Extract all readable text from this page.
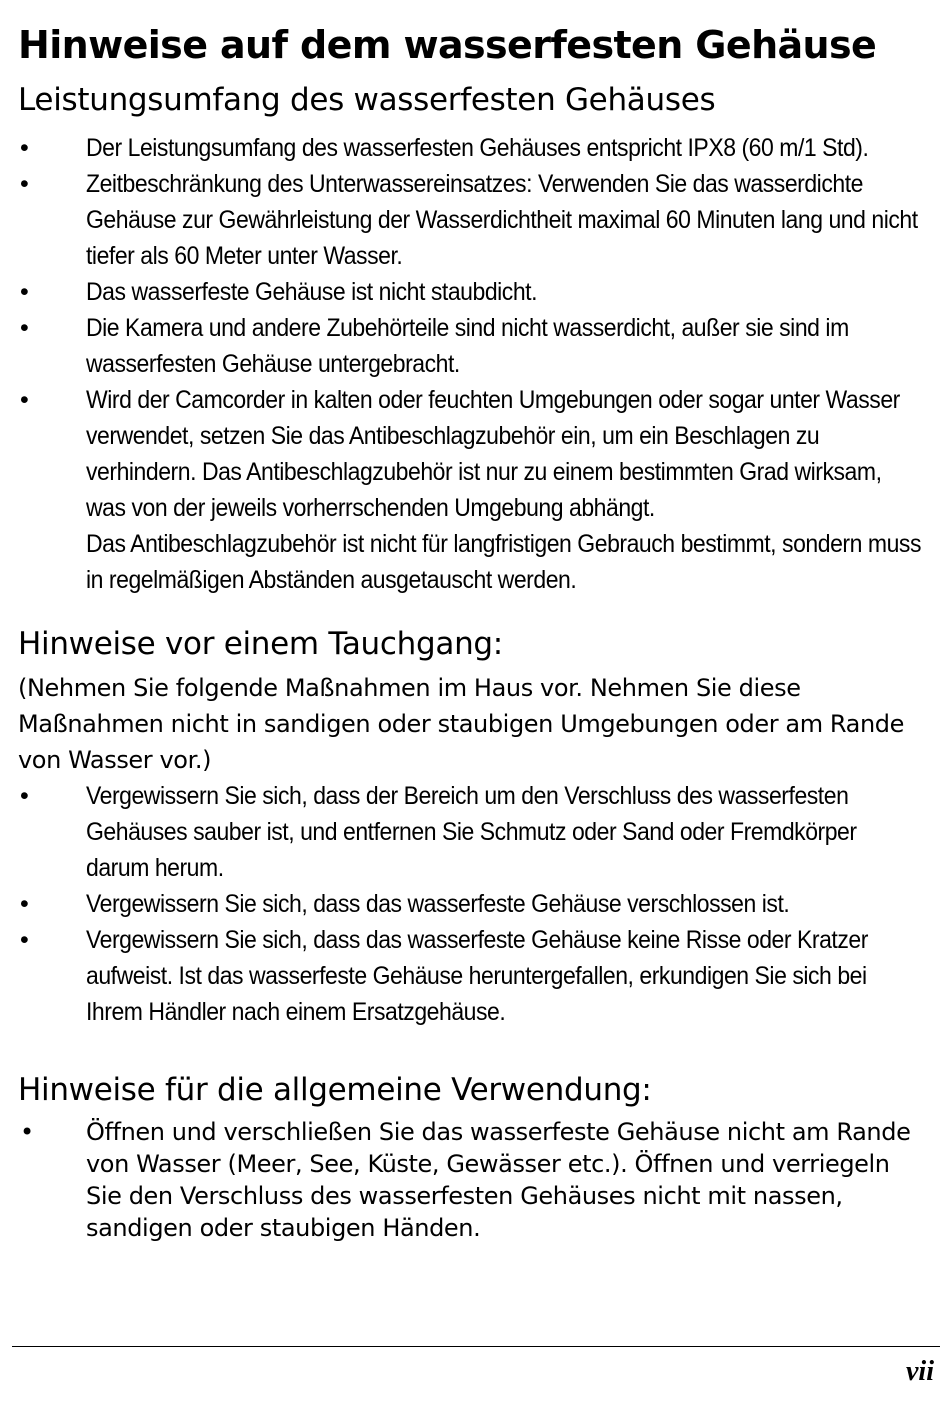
Hinweise auf dem wasserfesten Gehäuse
Leistungsumfang des wasserfesten Gehäuses
•	Der Leistungsumfang des wasserfesten Gehäuses entspricht IPX8 (60 m/1 Std).
•	Zeitbeschränkung des Unterwassereinsatzes: Verwenden Sie das wasserdichte Gehäuse zur Gewährleistung der Wasserdichtheit maximal 60 Minuten lang und nicht tiefer als 60 Meter unter Wasser.
•	Das wasserfeste Gehäuse ist nicht staubdicht.
•	Die Kamera und andere Zubehörteile sind nicht wasserdicht, außer sie sind im wasserfesten Gehäuse untergebracht.
•	Wird der Camcorder in kalten oder feuchten Umgebungen oder sogar unter Wasser verwendet, setzen Sie das Antibeschlagzubehör ein, um ein Beschlagen zu verhindern. Das Antibeschlagzubehör ist nur zu einem bestimmten Grad wirksam, was von der jeweils vorherrschenden Umgebung abhängt.
Das Antibeschlagzubehör ist nicht für langfristigen Gebrauch bestimmt, sondern muss in regelmäßigen Abständen ausgetauscht werden.
Hinweise vor einem Tauchgang:

(Nehmen Sie folgende Maßnahmen im Haus vor. Nehmen Sie diese Maßnahmen nicht in sandigen oder staubigen Umgebungen oder am Rande von Wasser vor.)

•	Vergewissern Sie sich, dass der Bereich um den Verschluss des wasserfesten Gehäuses sauber ist, und entfernen Sie Schmutz oder Sand oder Fremdkörper darum herum.
•	Vergewissern Sie sich, dass das wasserfeste Gehäuse verschlossen ist.
•	Vergewissern Sie sich, dass das wasserfeste Gehäuse keine Risse oder Kratzer aufweist. Ist das wasserfeste Gehäuse heruntergefallen, erkundigen Sie sich bei Ihrem Händler nach einem Ersatzgehäuse.
Hinweise für die allgemeine Verwendung:
• Öffnen und verschließen Sie das wasserfeste Gehäuse nicht am Rande von Wasser (Meer, See, Küste, Gewässer etc.). Öffnen und verriegeln Sie den Verschluss des wasserfesten Gehäuses nicht mit nassen, sandigen oder staubigen Händen.
vii
